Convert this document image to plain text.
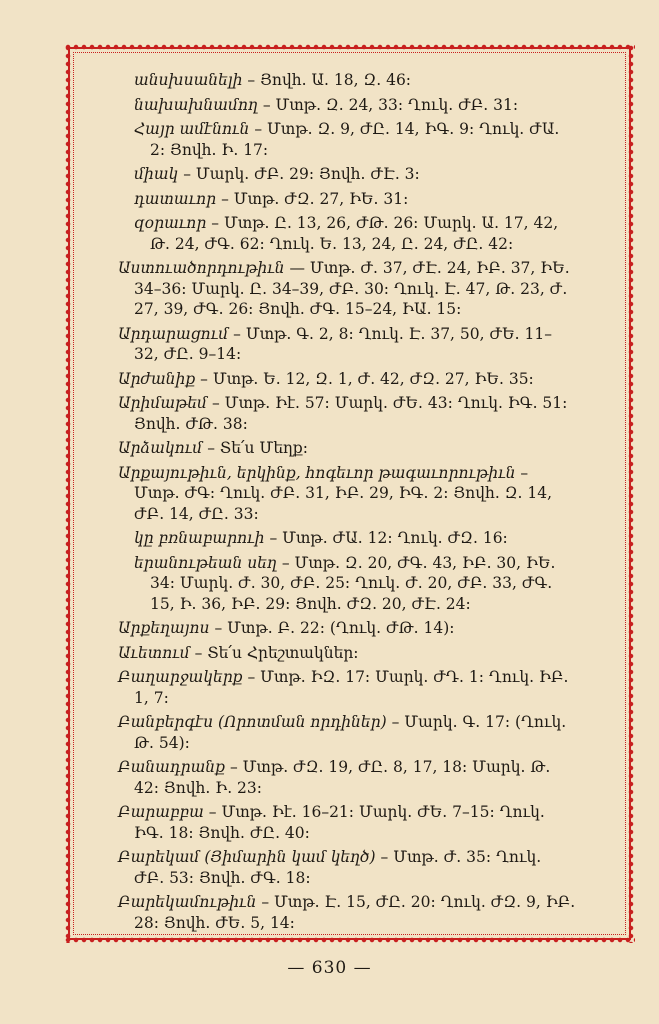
անսխսանելի – Յովհ. Ա. 18, Զ. 46:

նախախնամող – Մտթ. Զ. 24, 33: Ղուկ. ԺԲ. 31:

Հայր ամէնուն – Մտթ. Զ. 9, ԺԸ. 14, ԻԳ. 9: Ղուկ. ԺԱ. 2: Յովհ. Ի. 17:

միակ – Մարկ. ԺԲ. 29: Յովհ. ԺԷ. 3:

դատաւոր – Մտթ. ԺԶ. 27, ԻԵ. 31:

զօրաւոր – Մտթ. Ը. 13, 26, ԺԹ. 26: Մարկ. Ա. 17, 42, Թ. 24, ԺԳ. 62: Ղուկ. Ե. 13, 24, Ը. 24, ԺԸ. 42:

Աստուածորդութիւն — Մտթ. Ժ. 37, ԺԷ. 24, ԻԲ. 37, ԻԵ. 34–36: Մարկ. Ը. 34–39, ԺԲ. 30: Ղուկ. Է. 47, Թ. 23, Ժ. 27, 39, ԺԳ. 26: Յովհ. ԺԳ. 15–24, ԻԱ. 15:

Արդարացում – Մտթ. Գ. 2, 8: Ղուկ. Է. 37, 50, ԺԵ. 11–32, ԺԸ. 9–14:

Արժանիք – Մտթ. Ե. 12, Զ. 1, Ժ. 42, ԺԶ. 27, ԻԵ. 35:

Արիմաթեմ – Մտթ. Իէ. 57: Մարկ. ԺԵ. 43: Ղուկ. ԻԳ. 51: Յովհ. ԺԹ. 38:

Արձակում – Տե՛ս Մեղք:

Արքայութիւն, երկինք, հոգեւոր թագաւորութիւն – Մտթ. ԺԳ: Ղուկ. ԺԲ. 31, ԻԲ. 29, ԻԳ. 2: Յովհ. Զ. 14, ԺԲ. 14, ԺԸ. 33:

կը բռնաբարուի – Մտթ. ԺԱ. 12: Ղուկ. ԺԶ. 16:

երանութեան սեղ – Մտթ. Զ. 20, ԺԳ. 43, ԻԲ. 30, ԻԵ. 34: Մարկ. Ժ. 30, ԺԲ. 25: Ղուկ. Ժ. 20, ԺԲ. 33, ԺԳ. 15, Ի. 36, ԻԲ. 29: Յովհ. ԺԶ. 20, ԺԷ. 24:

Արքեղայոս – Մտթ. Բ. 22: (Ղուկ. ԺԹ. 14):

Աւետում – Տե՛ս Հրեշտակներ:

Բաղարջակերք – Մտթ. ԻԶ. 17: Մարկ. ԺԴ. 1: Ղուկ. ԻԲ. 1, 7:

Բանբերգէս (Որոտման որդիներ) – Մարկ. Գ. 17: (Ղուկ. Թ. 54):

Բանադրանք – Մտթ. ԺԶ. 19, ԺԸ. 8, 17, 18: Մարկ. Թ. 42: Յովհ. Ի. 23:

Բարաբբա – Մտթ. Իէ. 16–21: Մարկ. ԺԵ. 7–15: Ղուկ. ԻԳ. 18: Յովհ. ԺԸ. 40:

Բարեկամ (Յիմարին կամ կեղծ) – Մտթ. Ժ. 35: Ղուկ. ԺԲ. 53: Յովհ. ԺԳ. 18:

Բարեկամութիւն – Մտթ. Է. 15, ԺԸ. 20: Ղուկ. ԺԶ. 9, ԻԲ. 28: Յովհ. ԺԵ. 5, 14:

— 630 —
